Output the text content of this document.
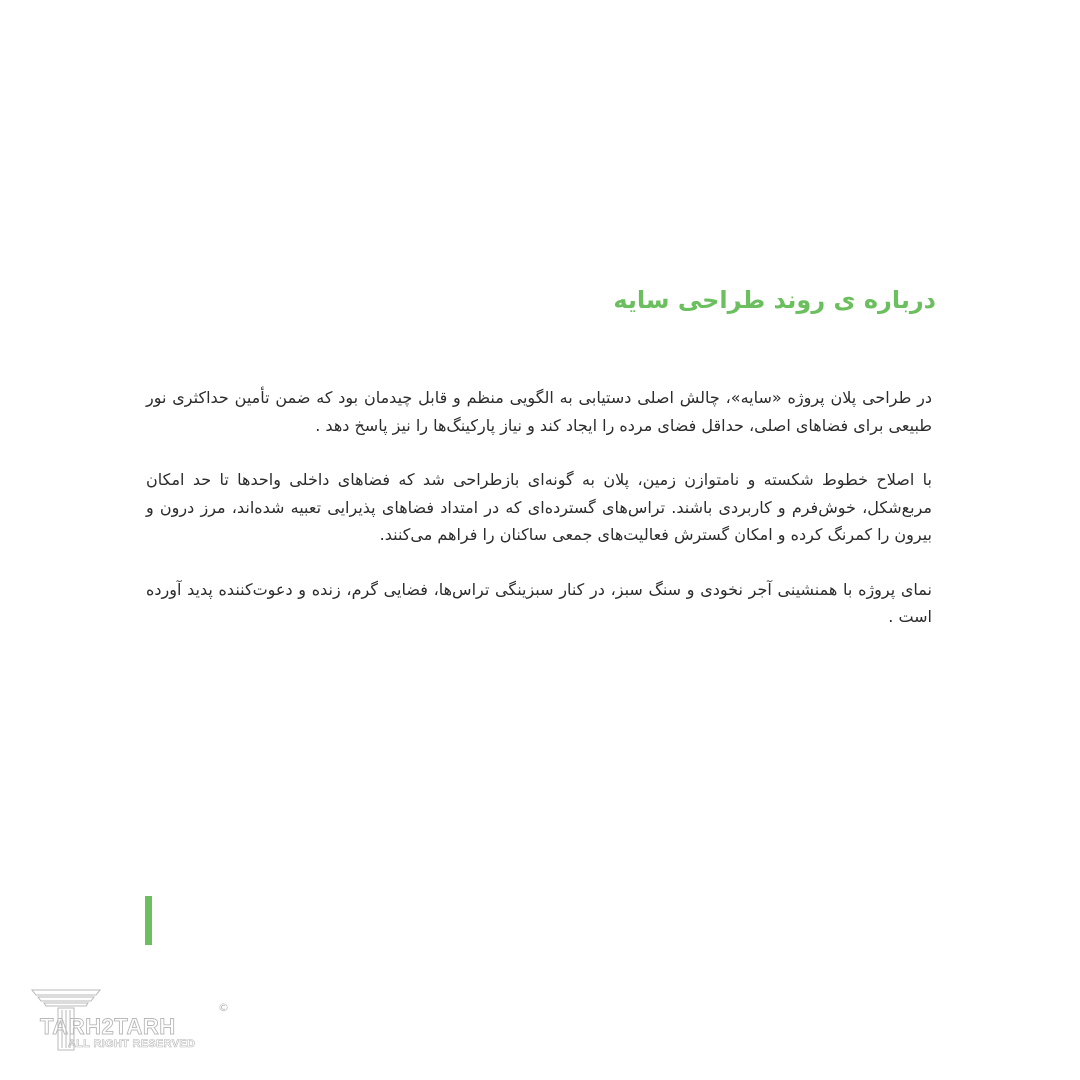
درباره ی روند طراحی سایه

در طراحی پلان پروژه «سایه»، چالش اصلی دستیابی به الگویی منظم و قابل چیدمان بود که ضمن تأمین حداکثری نور طبیعی برای فضاهای اصلی، حداقل فضای مرده را ایجاد کند و نیاز پارکینگ‌ها را نیز پاسخ دهد .

با اصلاح خطوط شکسته و نامتوازن زمین، پلان به گونه‌ای بازطراحی شد که فضاهای داخلی واحدها تا حد امکان مربع‌شکل، خوش‌فرم و کاربردی باشند. تراس‌های گسترده‌ای که در امتداد فضاهای پذیرایی تعبیه شده‌اند، مرز درون و بیرون را کمرنگ کرده و امکان گسترش فعالیت‌های جمعی ساکنان را فراهم می‌کنند.

نمای پروژه با همنشینی آجر نخودی و سنگ سبز، در کنار سبزینگی تراس‌ها، فضایی گرم، زنده و دعوت‌کننده پدید آورده است .

TARH2TARH
ALL RIGHT RESERVED
©
